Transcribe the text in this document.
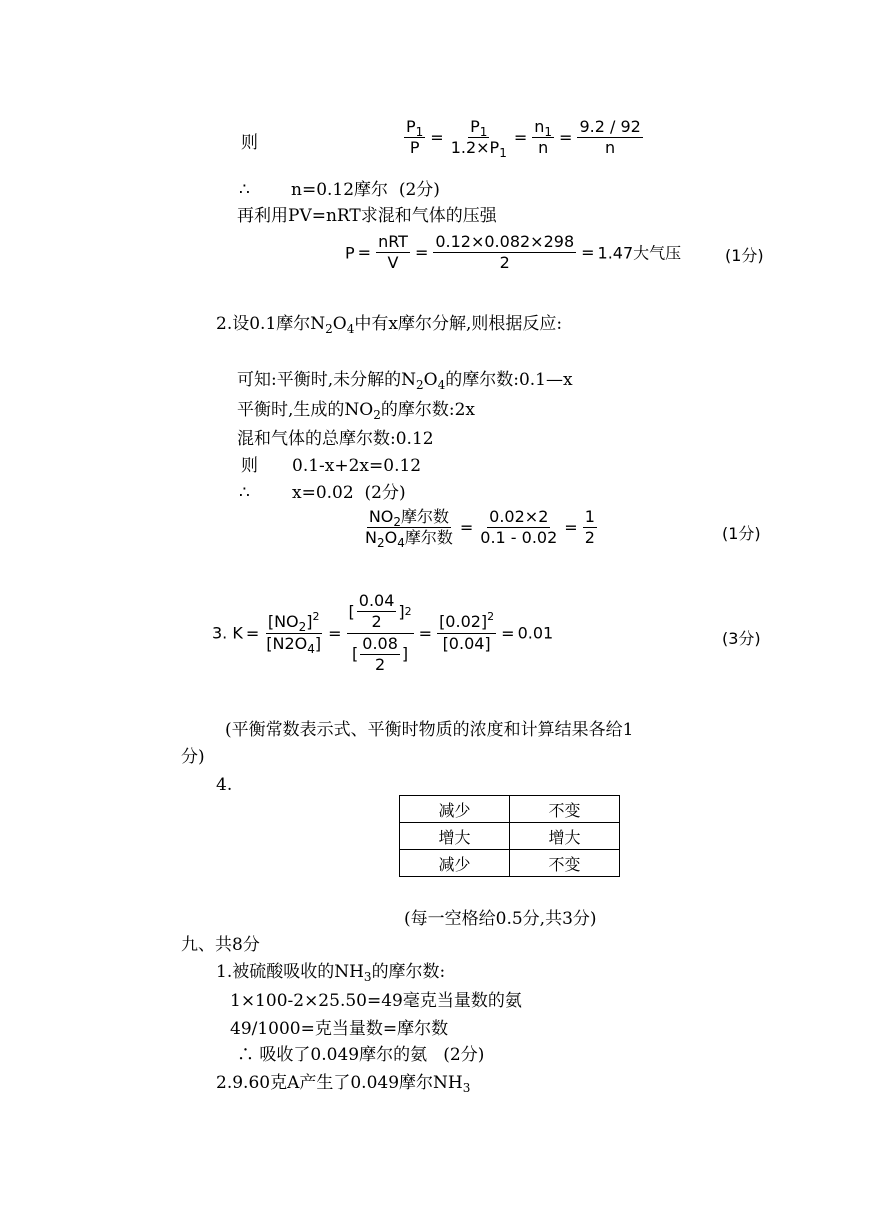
则	$\frac{P_1}{P} = \frac{P_1}{1.2\times P_1} = \frac{n_1}{n} = \frac{9.2 / 92}{n}$
∴ n=0.12摩尔 (2分)
再利用PV=nRT求混和气体的压强
$P = \frac{\text{nRT}}{V} = \frac{0.12\times 0.082\times 298}{2} = 1.47$大气压	(1分)
2.设0.1摩尔$N_2O_4$中有x摩尔分解,则根据反应:
可知:平衡时,未分解的$N_2O_4$的摩尔数:0.1—x
平衡时,生成的$NO_2$的摩尔数:2x
混和气体的总摩尔数:0.12
则 0.1-x+2x=0.12
∴ x=0.02 (2分)
$\frac{NO_2摩尔数}{N_2O_4摩尔数} = \frac{0.02\times 2}{0.1 - 0.02} = \frac{1}{2}$	(1分)
3. $K = \frac{[NO_2]^2}{[N2O_4]} = \frac{[ \frac{0.04}{2} ] 2}{[ \frac{0.08}{2} ]} = \frac{[0.02]^2}{[0.04]} = 0.01$	(3分)
(平衡常数表示式、平衡时物质的浓度和计算结果各给1
分)
4.
减少	不变
增大	增大
减少	不变
(每一空格给0.5分,共3分)
九、共8分
1.被硫酸吸收的$NH_3$的摩尔数:
1×100-2×25.50=49毫克当量数的氨
49/1000=克当量数=摩尔数
∴ 吸收了0.049摩尔的氨 (2分)
2.9.60克A产生了0.049摩尔$NH_3$
